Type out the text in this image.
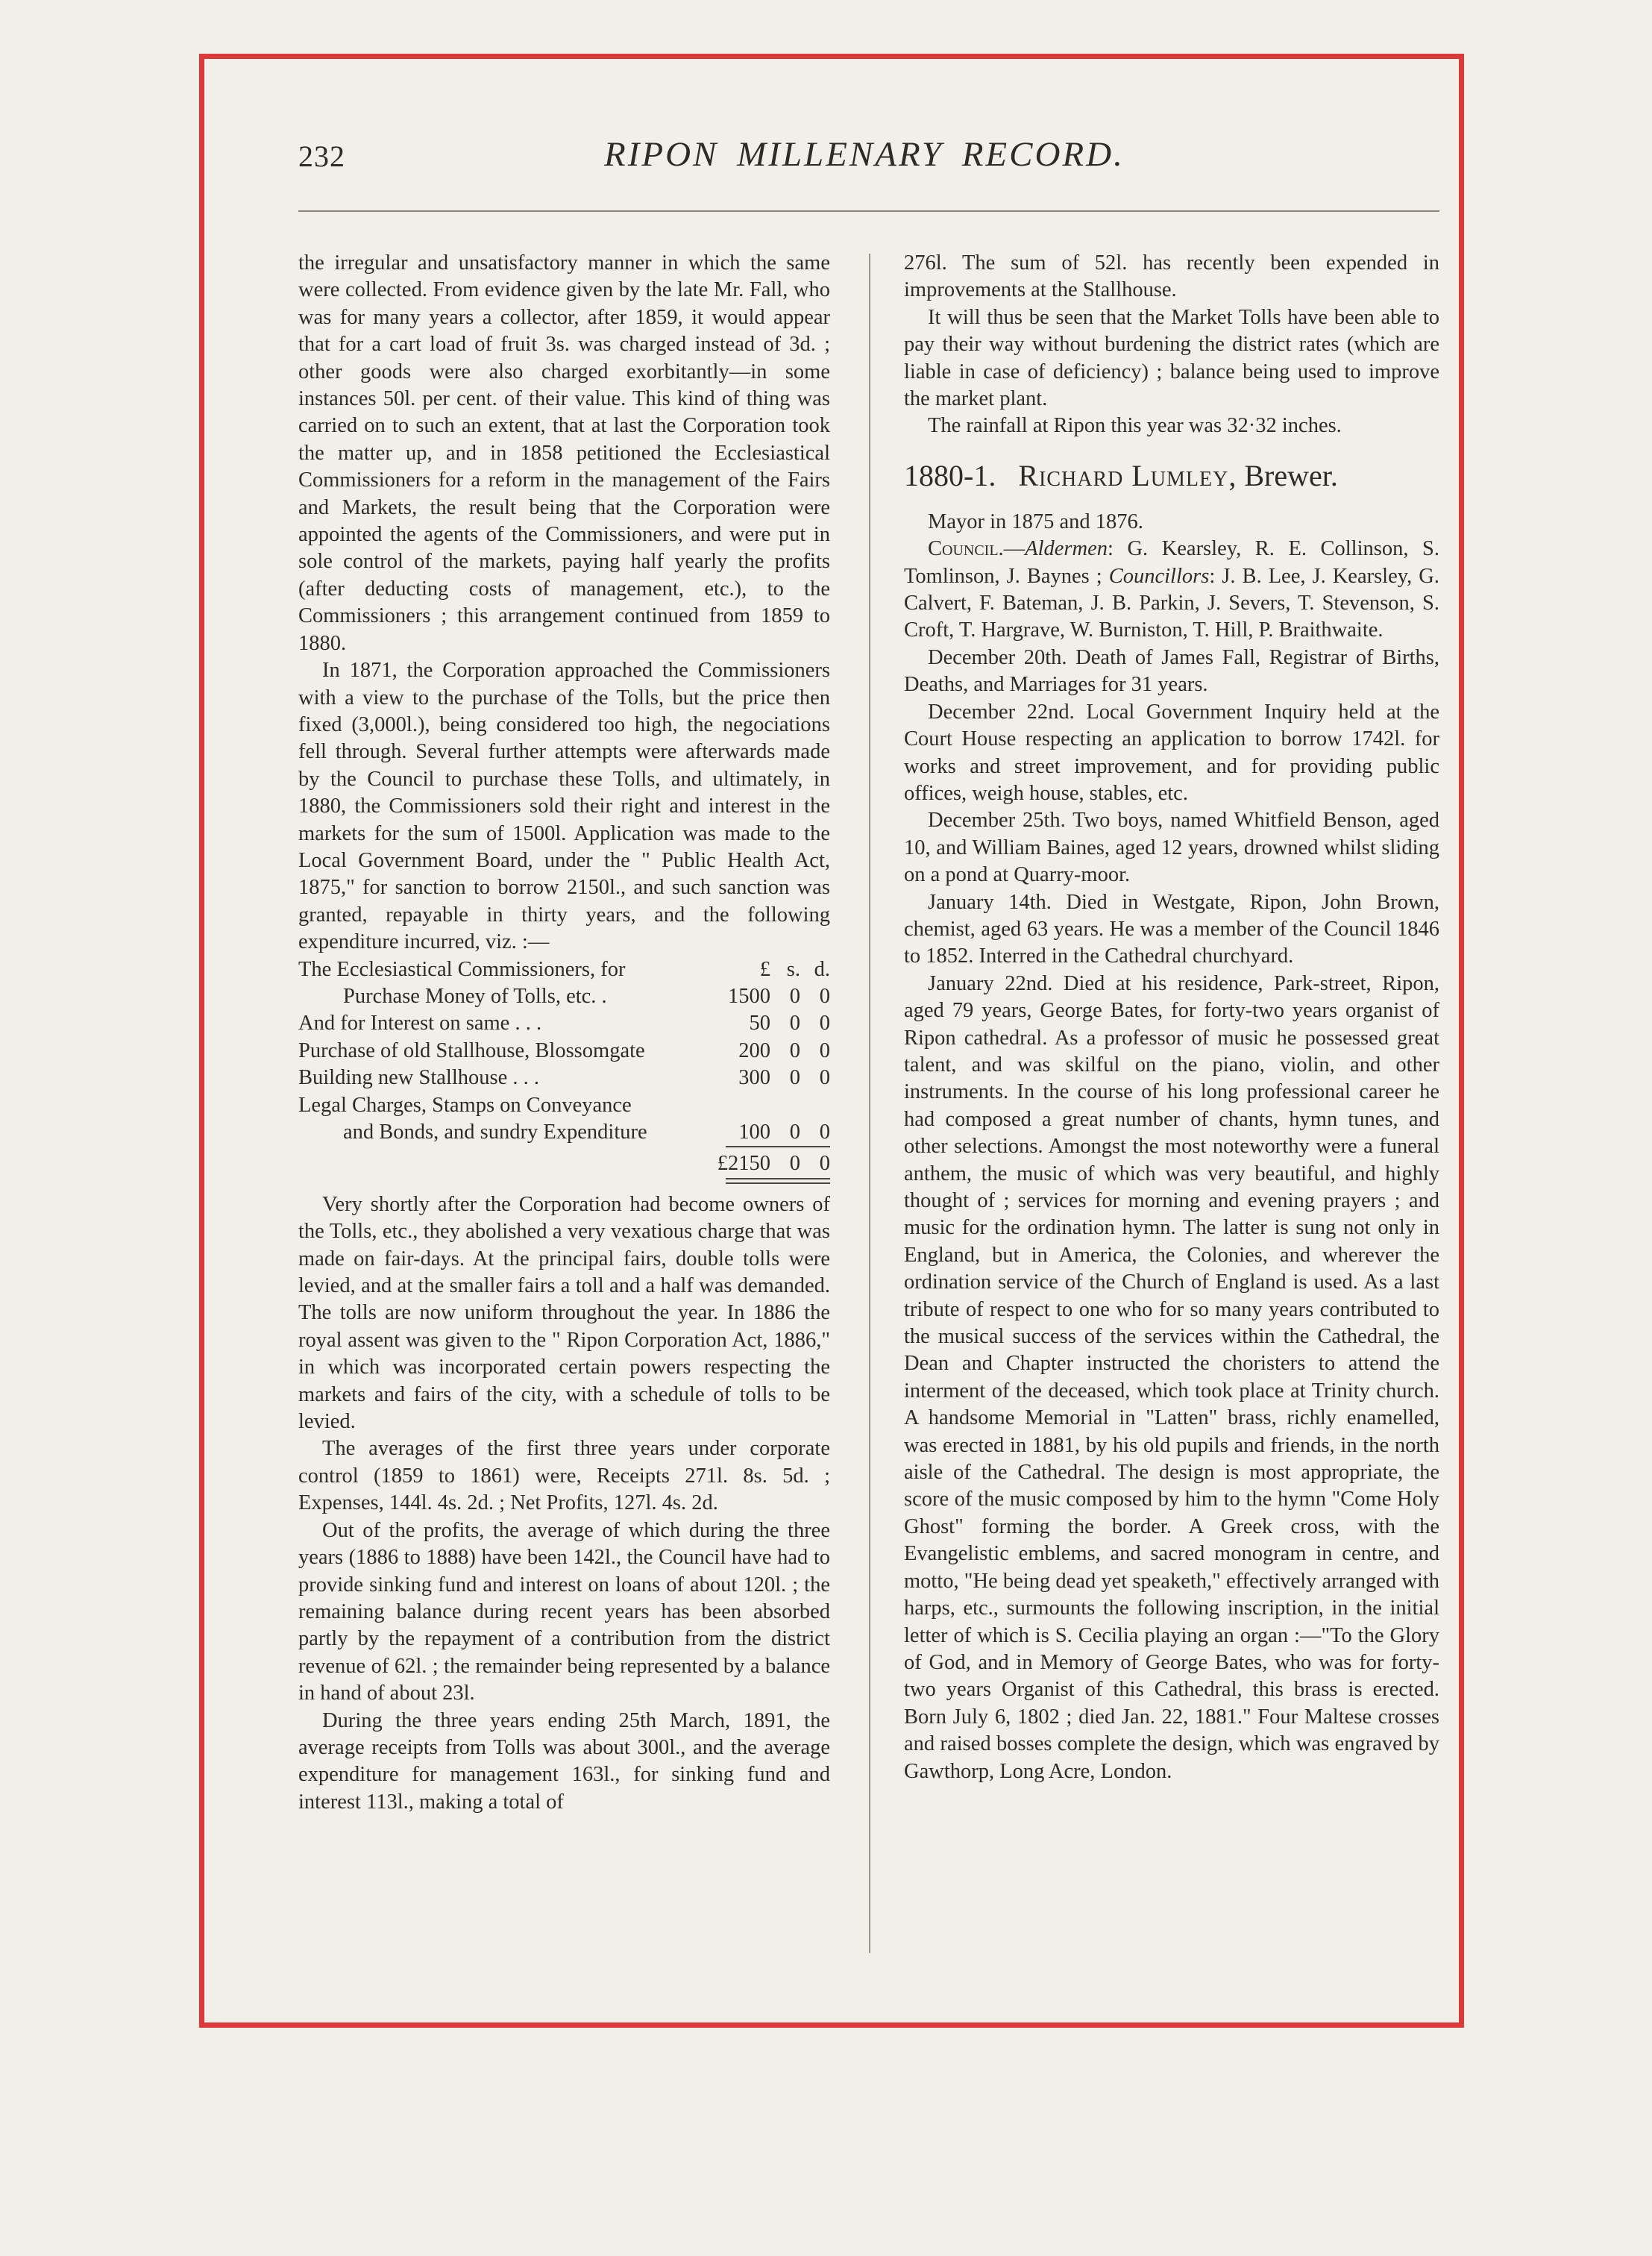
232	RIPON MILLENARY RECORD.

the irregular and unsatisfactory manner in which the same were collected. From evidence given by the late Mr. Fall, who was for many years a collector, after 1859, it would appear that for a cart load of fruit 3s. was charged instead of 3d. ; other goods were also charged exorbitantly—in some instances 50l. per cent. of their value. This kind of thing was carried on to such an extent, that at last the Corporation took the matter up, and in 1858 petitioned the Ecclesiastical Commissioners for a reform in the management of the Fairs and Markets, the result being that the Corporation were appointed the agents of the Commissioners, and were put in sole control of the markets, paying half yearly the profits (after deducting costs of management, etc.), to the Commissioners ; this arrangement continued from 1859 to 1880.

In 1871, the Corporation approached the Commissioners with a view to the purchase of the Tolls, but the price then fixed (3,000l.), being considered too high, the negociations fell through. Several further attempts were afterwards made by the Council to purchase these Tolls, and ultimately, in 1880, the Commissioners sold their right and interest in the markets for the sum of 1500l. Application was made to the Local Government Board, under the " Public Health Act, 1875," for sanction to borrow 2150l., and such sanction was granted, repayable in thirty years, and the following expenditure incurred, viz. :—

The Ecclesiastical Commissioners, for	£ s. d.
Purchase Money of Tolls, etc. .	1500 0 0
And for Interest on same . . .	50 0 0
Purchase of old Stallhouse, Blossomgate	200 0 0
Building new Stallhouse . . .	300 0 0
Legal Charges, Stamps on Conveyance
and Bonds, and sundry Expenditure	100 0 0
£2150 0 0

Very shortly after the Corporation had become owners of the Tolls, etc., they abolished a very vexatious charge that was made on fair-days. At the principal fairs, double tolls were levied, and at the smaller fairs a toll and a half was demanded. The tolls are now uniform throughout the year. In 1886 the royal assent was given to the " Ripon Corporation Act, 1886," in which was incorporated certain powers respecting the markets and fairs of the city, with a schedule of tolls to be levied.

The averages of the first three years under corporate control (1859 to 1861) were, Receipts 271l. 8s. 5d. ; Expenses, 144l. 4s. 2d. ; Net Profits, 127l. 4s. 2d.

Out of the profits, the average of which during the three years (1886 to 1888) have been 142l., the Council have had to provide sinking fund and interest on loans of about 120l. ; the remaining balance during recent years has been absorbed partly by the repayment of a contribution from the district revenue of 62l. ; the remainder being represented by a balance in hand of about 23l.

During the three years ending 25th March, 1891, the average receipts from Tolls was about 300l., and the average expenditure for management 163l., for sinking fund and interest 113l., making a total of

276l. The sum of 52l. has recently been expended in improvements at the Stallhouse.

It will thus be seen that the Market Tolls have been able to pay their way without burdening the district rates (which are liable in case of deficiency) ; balance being used to improve the market plant.

The rainfall at Ripon this year was 32·32 inches.

1880-1. Richard Lumley, Brewer.

Mayor in 1875 and 1876.

Council.—Aldermen: G. Kearsley, R. E. Collinson, S. Tomlinson, J. Baynes ; Councillors: J. B. Lee, J. Kearsley, G. Calvert, F. Bateman, J. B. Parkin, J. Severs, T. Stevenson, S. Croft, T. Hargrave, W. Burniston, T. Hill, P. Braithwaite.

December 20th. Death of James Fall, Registrar of Births, Deaths, and Marriages for 31 years.

December 22nd. Local Government Inquiry held at the Court House respecting an application to borrow 1742l. for works and street improvement, and for providing public offices, weigh house, stables, etc.

December 25th. Two boys, named Whitfield Benson, aged 10, and William Baines, aged 12 years, drowned whilst sliding on a pond at Quarry-moor.

January 14th. Died in Westgate, Ripon, John Brown, chemist, aged 63 years. He was a member of the Council 1846 to 1852. Interred in the Cathedral churchyard.

January 22nd. Died at his residence, Park-street, Ripon, aged 79 years, George Bates, for forty-two years organist of Ripon cathedral. As a professor of music he possessed great talent, and was skilful on the piano, violin, and other instruments. In the course of his long professional career he had composed a great number of chants, hymn tunes, and other selections. Amongst the most noteworthy were a funeral anthem, the music of which was very beautiful, and highly thought of ; services for morning and evening prayers ; and music for the ordination hymn. The latter is sung not only in England, but in America, the Colonies, and wherever the ordination service of the Church of England is used. As a last tribute of respect to one who for so many years contributed to the musical success of the services within the Cathedral, the Dean and Chapter instructed the choristers to attend the interment of the deceased, which took place at Trinity church. A handsome Memorial in "Latten" brass, richly enamelled, was erected in 1881, by his old pupils and friends, in the north aisle of the Cathedral. The design is most appropriate, the score of the music composed by him to the hymn "Come Holy Ghost" forming the border. A Greek cross, with the Evangelistic emblems, and sacred monogram in centre, and motto, "He being dead yet speaketh," effectively arranged with harps, etc., surmounts the following inscription, in the initial letter of which is S. Cecilia playing an organ :—"To the Glory of God, and in Memory of George Bates, who was for forty-two years Organist of this Cathedral, this brass is erected. Born July 6, 1802 ; died Jan. 22, 1881." Four Maltese crosses and raised bosses complete the design, which was engraved by Gawthorp, Long Acre, London.
